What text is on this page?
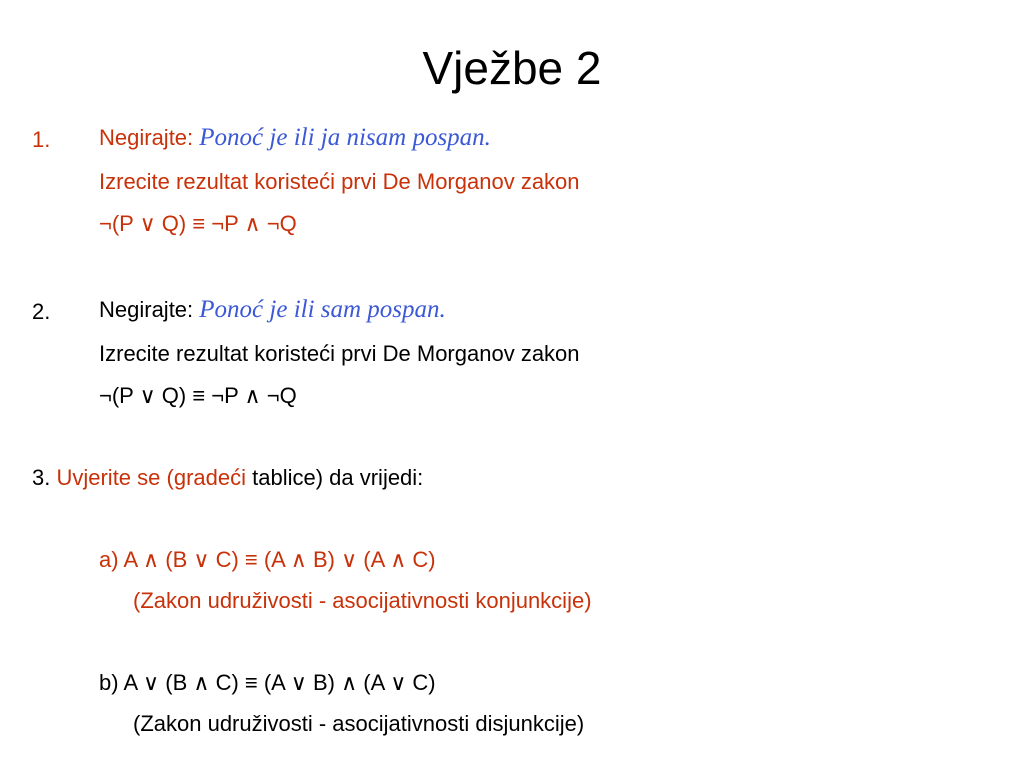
Vježbe 2
1. Negirajte: Ponoć je ili ja nisam pospan.
Izrecite rezultat koristeći prvi De Morganov zakon
¬(P ∨ Q) ≡ ¬P ∧ ¬Q
2. Negirajte: Ponoć je ili sam pospan.
Izrecite rezultat koristeći prvi De Morganov zakon
¬(P ∨ Q) ≡ ¬P ∧ ¬Q
3. Uvjerite se (gradeći tablice) da vrijedi:
a) A ∧ (B ∨ C) ≡ (A ∧ B) ∨ (A ∧ C)
(Zakon udruživosti - asocijativnosti konjunkcije)
b) A ∨ (B ∧ C) ≡ (A ∨ B) ∧ (A ∨ C)
(Zakon udruživosti - asocijativnosti disjunkcije)
